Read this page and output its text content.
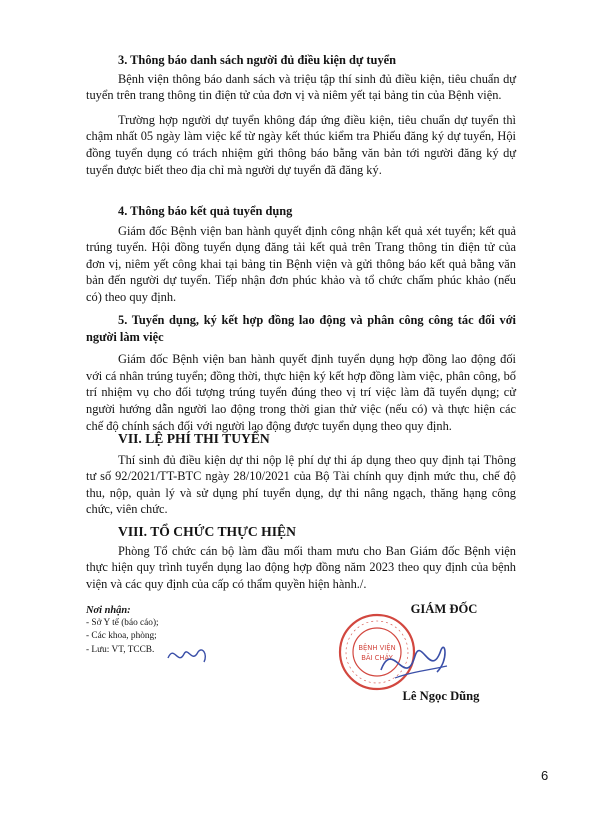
3. Thông báo danh sách người đủ điều kiện dự tuyển

Bệnh viện thông báo danh sách và triệu tập thí sinh đủ điều kiện, tiêu chuẩn dự tuyển trên trang thông tin điện tử của đơn vị và niêm yết tại bảng tin của Bệnh viện.

Trường hợp người dự tuyển không đáp ứng điều kiện, tiêu chuẩn dự tuyển thì chậm nhất 05 ngày làm việc kể từ ngày kết thúc kiểm tra Phiếu đăng ký dự tuyển, Hội đồng tuyển dụng có trách nhiệm gửi thông báo bằng văn bản tới người đăng ký dự tuyển được biết theo địa chỉ mà người dự tuyển đã đăng ký.

4. Thông báo kết quả tuyển dụng

Giám đốc Bệnh viện ban hành quyết định công nhận kết quả xét tuyển; kết quả trúng tuyển. Hội đồng tuyển dụng đăng tải kết quả trên Trang thông tin điện tử của đơn vị, niêm yết công khai tại bảng tin Bệnh viện và gửi thông báo kết quả bằng văn bản đến người dự tuyển. Tiếp nhận đơn phúc khảo và tổ chức chấm phúc khảo (nếu có) theo quy định.

5. Tuyển dụng, ký kết hợp đồng lao động và phân công công tác đối với người làm việc

Giám đốc Bệnh viện ban hành quyết định tuyển dụng hợp đồng lao động đối với cá nhân trúng tuyển; đồng thời, thực hiện ký kết hợp đồng làm việc, phân công, bố trí nhiệm vụ cho đối tượng trúng tuyển đúng theo vị trí việc làm đã tuyển dụng; cử người hướng dẫn người lao động trong thời gian thử việc (nếu có) và thực hiện các chế độ chính sách đối với người lao động được tuyển dụng theo quy định.

VII. LỆ PHÍ THI TUYỂN

Thí sinh đủ điều kiện dự thi nộp lệ phí dự thi áp dụng theo quy định tại Thông tư số 92/2021/TT-BTC ngày 28/10/2021 của Bộ Tài chính quy định mức thu, chế độ thu, nộp, quản lý và sử dụng phí tuyển dụng, dự thi nâng ngạch, thăng hạng công chức, viên chức.

VIII. TỔ CHỨC THỰC HIỆN

Phòng Tổ chức cán bộ làm đầu mối tham mưu cho Ban Giám đốc Bệnh viện thực hiện quy trình tuyển dụng lao động hợp đồng năm 2023 theo quy định của bệnh viện và các quy định của cấp có thẩm quyền hiện hành./.

Nơi nhận:
- Sở Y tế (báo cáo);
- Các khoa, phòng;
- Lưu: VT, TCCB.
GIÁM ĐỐC
BỆNH VIỆN
BÃI CHÁY
Lê Ngọc Dũng
6
